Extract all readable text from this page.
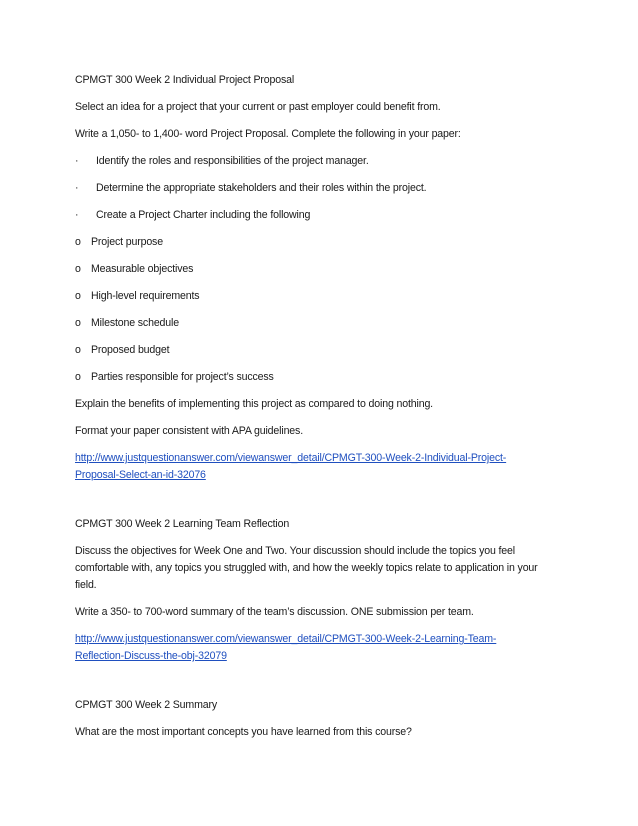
CPMGT 300 Week 2 Individual Project Proposal

Select an idea for a project that your current or past employer could benefit from.

Write a 1,050- to 1,400- word Project Proposal. Complete the following in your paper:

·	Identify the roles and responsibilities of the project manager.
·	Determine the appropriate stakeholders and their roles within the project.
·	Create a Project Charter including the following
o Project purpose
o Measurable objectives
o High-level requirements
o Milestone schedule
o Proposed budget
o Parties responsible for project’s success

Explain the benefits of implementing this project as compared to doing nothing.

Format your paper consistent with APA guidelines.

http://www.justquestionanswer.com/viewanswer_detail/CPMGT-300-Week-2-Individual-Project-
Proposal-Select-an-id-32076

CPMGT 300 Week 2 Learning Team Reflection

Discuss the objectives for Week One and Two. Your discussion should include the topics you feel

comfortable with, any topics you struggled with, and how the weekly topics relate to application in your

field.

Write a 350- to 700-word summary of the team’s discussion. ONE submission per team.

http://www.justquestionanswer.com/viewanswer_detail/CPMGT-300-Week-2-Learning-Team-
Reflection-Discuss-the-obj-32079

CPMGT 300 Week 2 Summary

What are the most important concepts you have learned from this course?
